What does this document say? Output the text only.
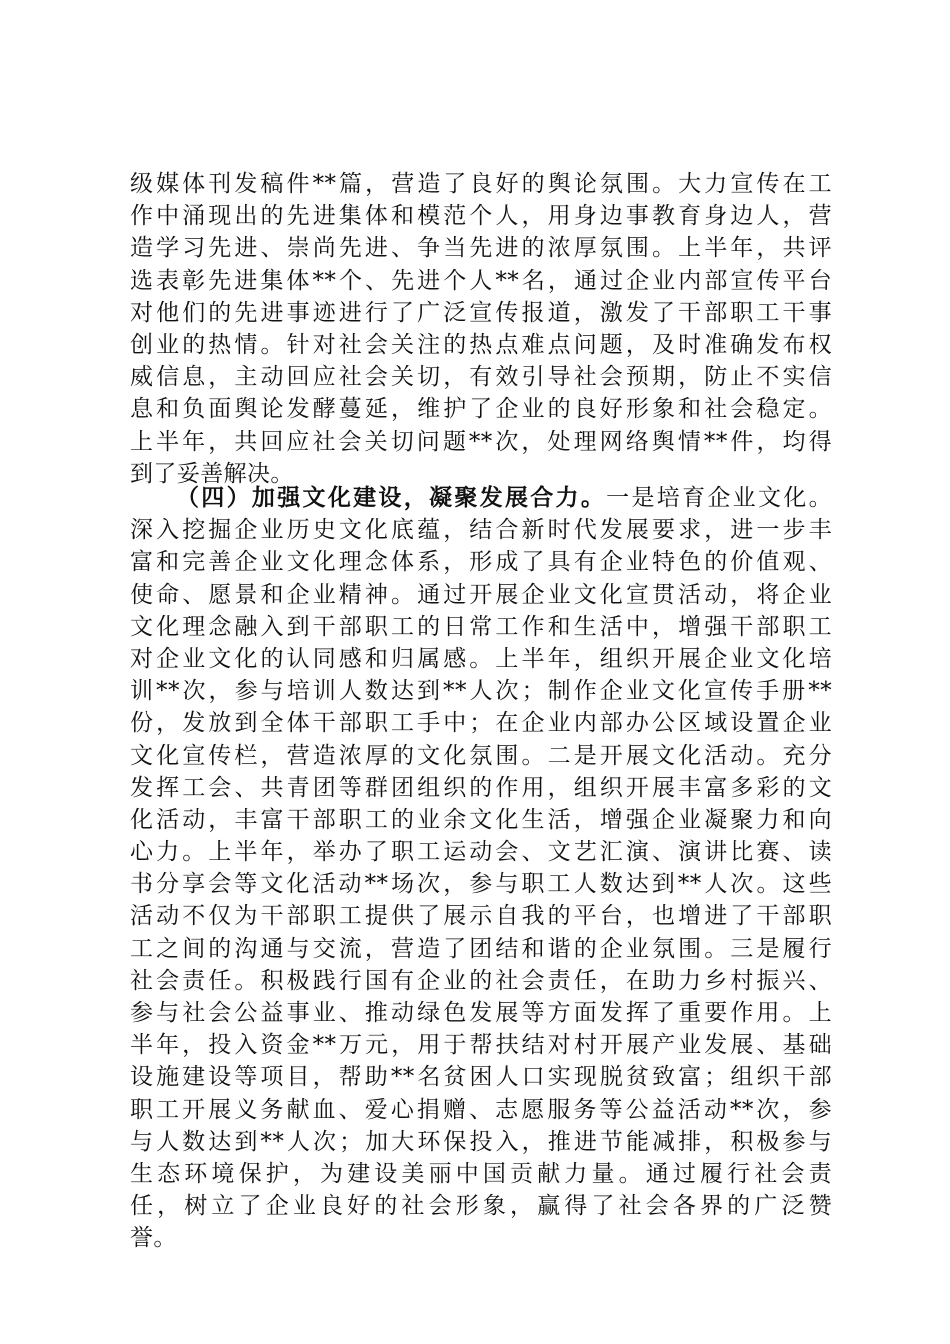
级媒体刊发稿件**篇，营造了良好的舆论氛围。大力宣传在工
作中涌现出的先进集体和模范个人，用身边事教育身边人，营
造学习先进、崇尚先进、争当先进的浓厚氛围。上半年，共评
选表彰先进集体**个、先进个人**名，通过企业内部宣传平台
对他们的先进事迹进行了广泛宣传报道，激发了干部职工干事
创业的热情。针对社会关注的热点难点问题，及时准确发布权
威信息，主动回应社会关切，有效引导社会预期，防止不实信
息和负面舆论发酵蔓延，维护了企业的良好形象和社会稳定。
上半年，共回应社会关切问题**次，处理网络舆情**件，均得
到了妥善解决。
（四）加强文化建设，凝聚发展合力。一是培育企业文化。
深入挖掘企业历史文化底蕴，结合新时代发展要求，进一步丰
富和完善企业文化理念体系，形成了具有企业特色的价值观、
使命、愿景和企业精神。通过开展企业文化宣贯活动，将企业
文化理念融入到干部职工的日常工作和生活中，增强干部职工
对企业文化的认同感和归属感。上半年，组织开展企业文化培
训**次，参与培训人数达到**人次；制作企业文化宣传手册**
份，发放到全体干部职工手中；在企业内部办公区域设置企业
文化宣传栏，营造浓厚的文化氛围。二是开展文化活动。充分
发挥工会、共青团等群团组织的作用，组织开展丰富多彩的文
化活动，丰富干部职工的业余文化生活，增强企业凝聚力和向
心力。上半年，举办了职工运动会、文艺汇演、演讲比赛、读
书分享会等文化活动**场次，参与职工人数达到**人次。这些
活动不仅为干部职工提供了展示自我的平台，也增进了干部职
工之间的沟通与交流，营造了团结和谐的企业氛围。三是履行
社会责任。积极践行国有企业的社会责任，在助力乡村振兴、
参与社会公益事业、推动绿色发展等方面发挥了重要作用。上
半年，投入资金**万元，用于帮扶结对村开展产业发展、基础
设施建设等项目，帮助**名贫困人口实现脱贫致富；组织干部
职工开展义务献血、爱心捐赠、志愿服务等公益活动**次，参
与人数达到**人次；加大环保投入，推进节能减排，积极参与
生态环境保护，为建设美丽中国贡献力量。通过履行社会责
任，树立了企业良好的社会形象，赢得了社会各界的广泛赞
誉。
